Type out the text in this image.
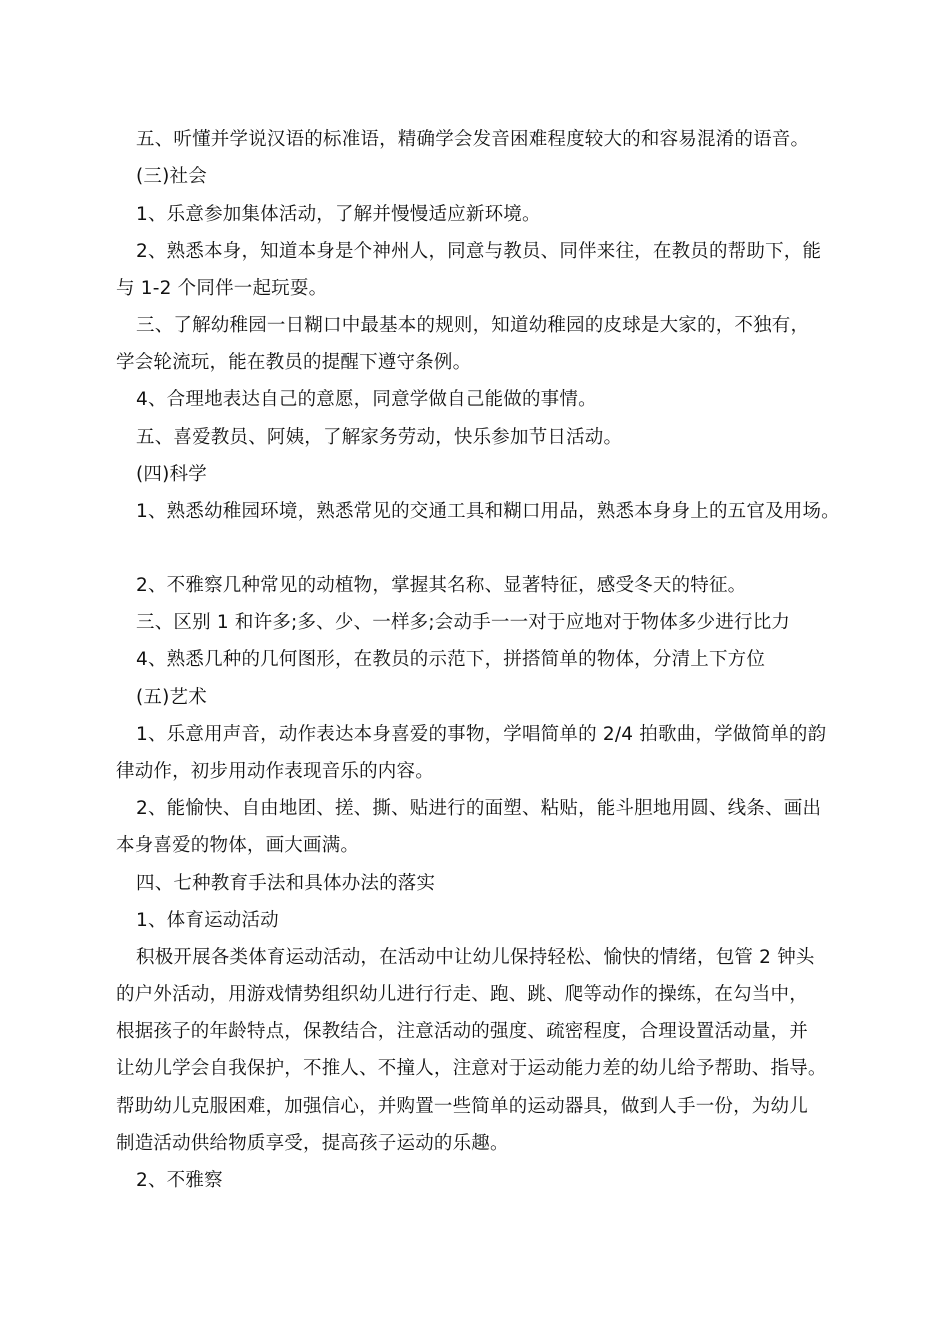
五、听懂并学说汉语的标准语，精确学会发音困难程度较大的和容易混淆的语音。
(三)社会
1、乐意参加集体活动，了解并慢慢适应新环境。
2、熟悉本身，知道本身是个神州人，同意与教员、同伴来往，在教员的帮助下，能
与 1-2 个同伴一起玩耍。
三、了解幼稚园一日糊口中最基本的规则，知道幼稚园的皮球是大家的，不独有，
学会轮流玩，能在教员的提醒下遵守条例。
4、合理地表达自己的意愿，同意学做自己能做的事情。
五、喜爱教员、阿姨，了解家务劳动，快乐参加节日活动。
(四)科学
1、熟悉幼稚园环境，熟悉常见的交通工具和糊口用品，熟悉本身身上的五官及用场。
2、不雅察几种常见的动植物，掌握其名称、显著特征，感受冬天的特征。
三、区别 1 和许多;多、少、一样多;会动手一一对于应地对于物体多少进行比力
4、熟悉几种的几何图形，在教员的示范下，拼搭简单的物体，分清上下方位
(五)艺术
1、乐意用声音，动作表达本身喜爱的事物，学唱简单的 2/4 拍歌曲，学做简单的韵
律动作，初步用动作表现音乐的内容。
2、能愉快、自由地团、搓、撕、贴进行的面塑、粘贴，能斗胆地用圆、线条、画出
本身喜爱的物体，画大画满。
四、七种教育手法和具体办法的落实
1、体育运动活动
积极开展各类体育运动活动，在活动中让幼儿保持轻松、愉快的情绪，包管 2 钟头
的户外活动，用游戏情势组织幼儿进行行走、跑、跳、爬等动作的操练，在勾当中，
根据孩子的年龄特点，保教结合，注意活动的强度、疏密程度，合理设置活动量，并
让幼儿学会自我保护，不推人、不撞人，注意对于运动能力差的幼儿给予帮助、指导。
帮助幼儿克服困难，加强信心，并购置一些简单的运动器具，做到人手一份，为幼儿
制造活动供给物质享受，提高孩子运动的乐趣。
2、不雅察
